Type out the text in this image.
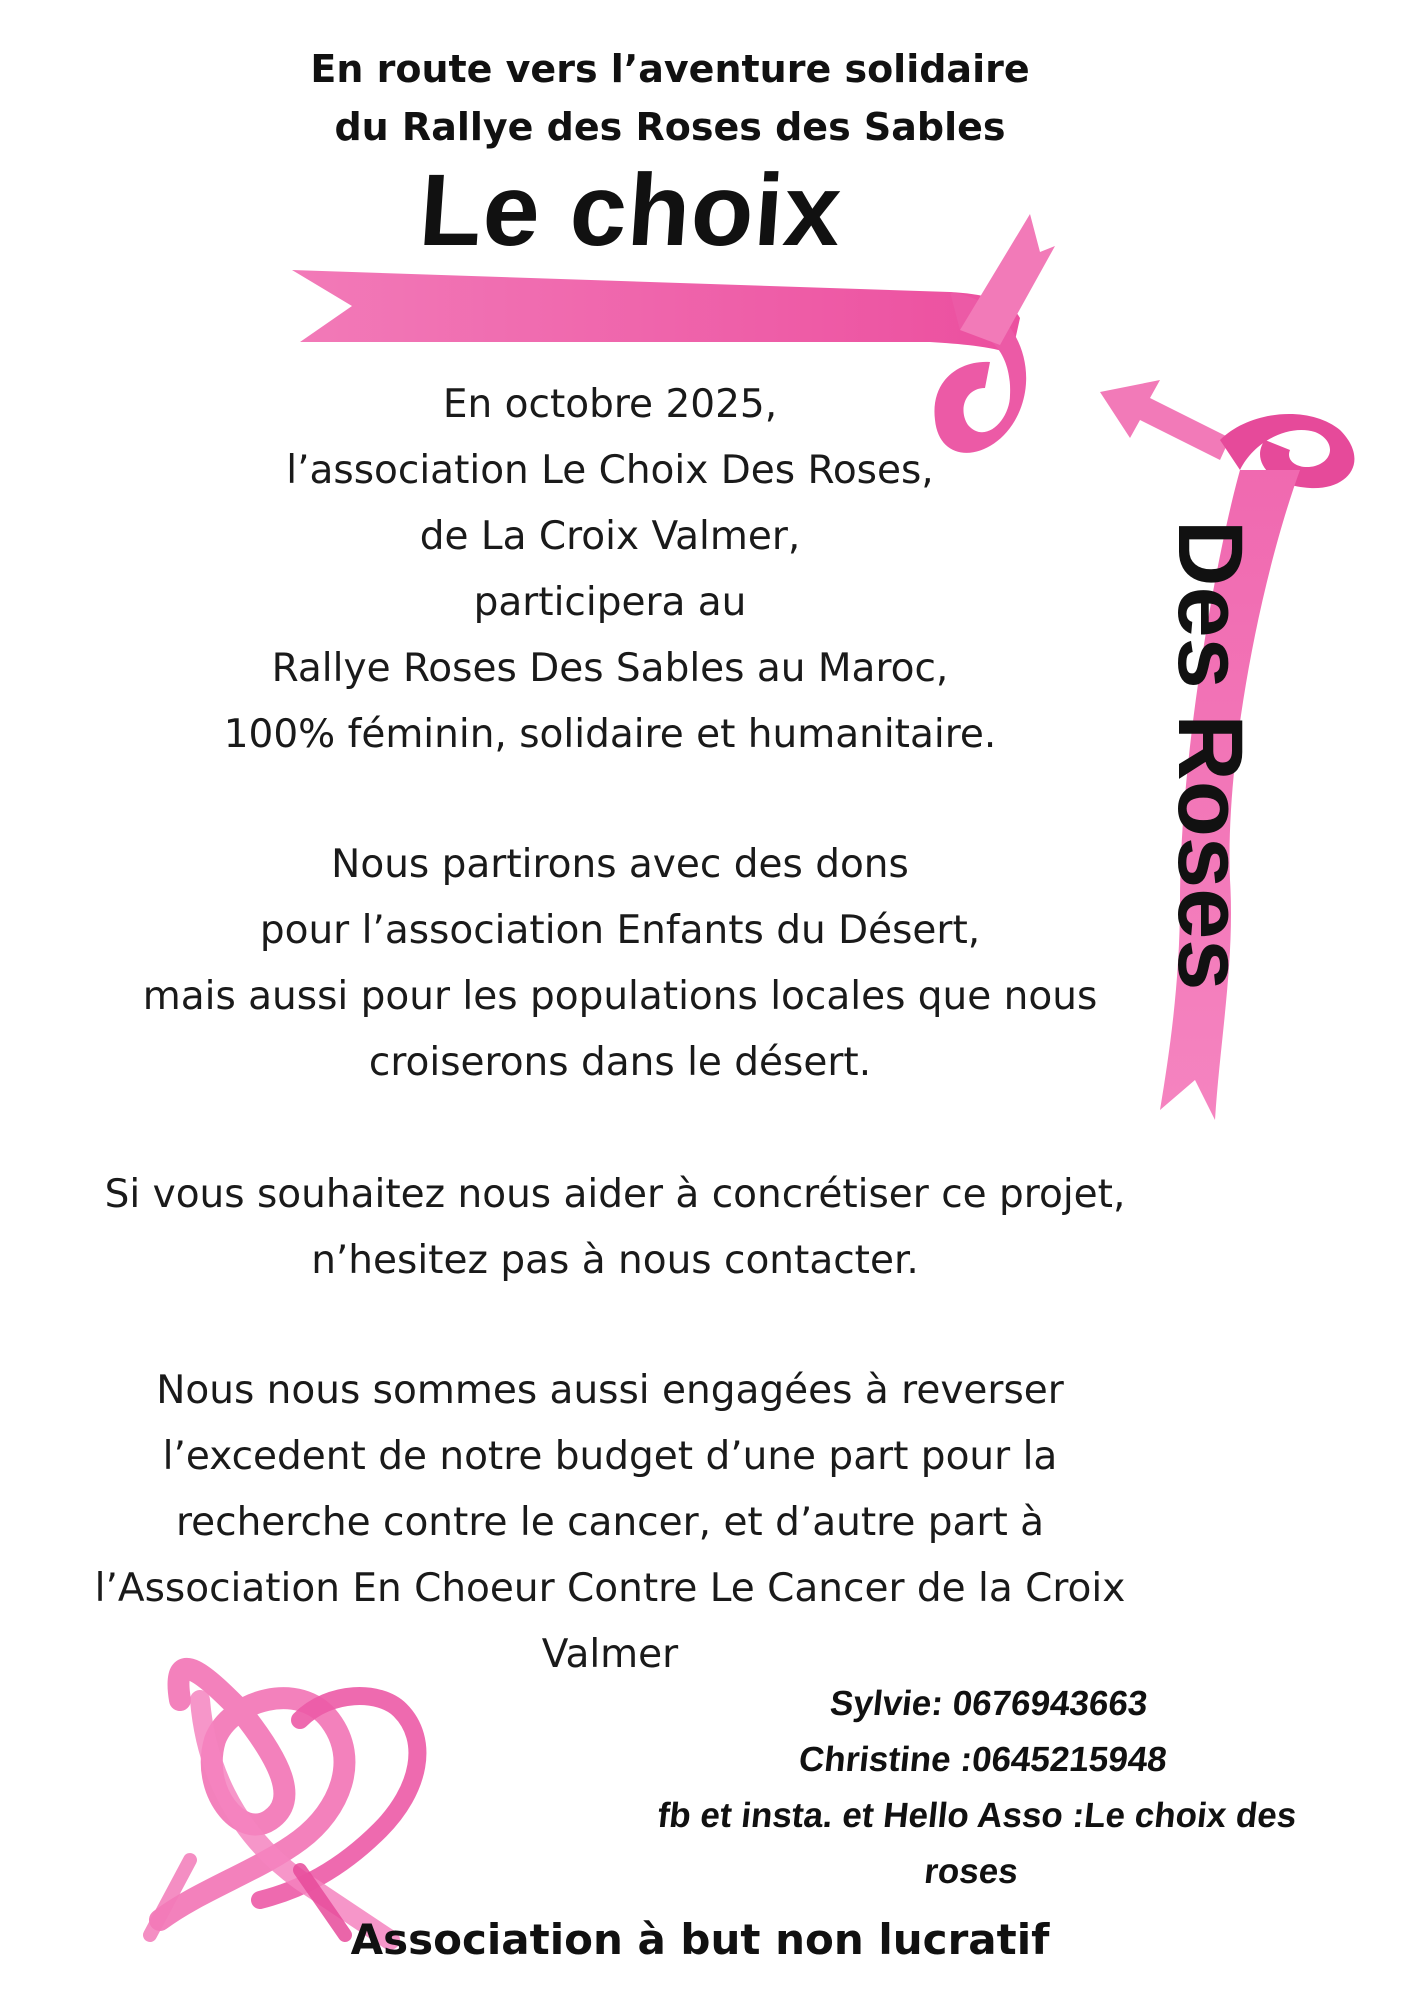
En route vers l’aventure solidaire
du Rallye des Roses des Sables
Le choix
Des Roses
En octobre 2025,
l’association Le Choix Des Roses,
de La Croix Valmer,
participera au
Rallye Roses Des Sables au Maroc,
100% féminin, solidaire et humanitaire.
Nous partirons avec des dons
pour l’association Enfants du Désert,
mais aussi pour les populations locales que nous
croiserons dans le désert.
Si vous souhaitez nous aider à concrétiser ce projet,
n’hesitez pas à nous contacter.
Nous nous sommes aussi engagées à reverser
l’excedent de notre budget d’une part pour la
recherche contre le cancer, et d’autre part à
l’Association En Choeur Contre Le Cancer de la Croix
Valmer
Sylvie: 0676943663
Christine :0645215948
fb et insta. et Hello Asso :Le choix des roses
Association à but non lucratif
